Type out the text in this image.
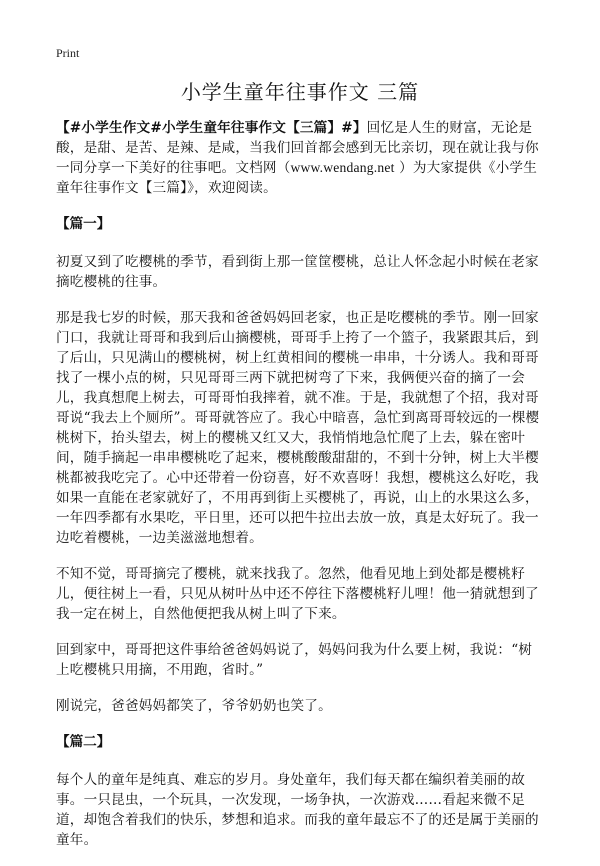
Print
小学生童年往事作文 三篇

【#小学生作文#小学生童年往事作文【三篇】#】回忆是人生的财富，无论是酸，是甜、是苦、是辣、是咸，当我们回首都会感到无比亲切，现在就让我与你一同分享一下美好的往事吧。文档网（www.wendang.net ）为大家提供《小学生童年往事作文【三篇】》，欢迎阅读。

【篇一】

初夏又到了吃樱桃的季节，看到街上那一筐筐樱桃，总让人怀念起小时候在老家摘吃樱桃的往事。

那是我七岁的时候，那天我和爸爸妈妈回老家，也正是吃樱桃的季节。刚一回家门口，我就让哥哥和我到后山摘樱桃，哥哥手上挎了一个篮子，我紧跟其后，到了后山，只见满山的樱桃树，树上红黄相间的樱桃一串串，十分诱人。我和哥哥找了一棵小点的树，只见哥哥三两下就把树弯了下来，我俩便兴奋的摘了一会儿，我真想爬上树去，可哥哥怕我摔着，就不准。于是，我就想了个招，我对哥哥说“我去上个厕所”。哥哥就答应了。我心中暗喜，急忙到离哥哥较远的一棵樱桃树下，抬头望去，树上的樱桃又红又大，我悄悄地急忙爬了上去，躲在密叶间，随手摘起一串串樱桃吃了起来，樱桃酸酸甜甜的，不到十分钟，树上大半樱桃都被我吃完了。心中还带着一份窃喜，好不欢喜呀！我想，樱桃这么好吃，我如果一直能在老家就好了，不用再到街上买樱桃了，再说，山上的水果这么多，一年四季都有水果吃，平日里，还可以把牛拉出去放一放，真是太好玩了。我一边吃着樱桃，一边美滋滋地想着。

不知不觉，哥哥摘完了樱桃，就来找我了。忽然，他看见地上到处都是樱桃籽儿，便往树上一看，只见从树叶丛中还不停往下落樱桃籽儿哩！他一猜就想到了我一定在树上，自然他便把我从树上叫了下来。

回到家中，哥哥把这件事给爸爸妈妈说了，妈妈问我为什么要上树，我说：“树上吃樱桃只用摘，不用跑，省时。”

刚说完，爸爸妈妈都笑了，爷爷奶奶也笑了。

【篇二】

每个人的童年是纯真、难忘的岁月。身处童年，我们每天都在编织着美丽的故事。一只昆虫，一个玩具，一次发现，一场争执，一次游戏……看起来微不足道，却饱含着我们的快乐，梦想和追求。而我的童年最忘不了的还是属于美丽的童年。
